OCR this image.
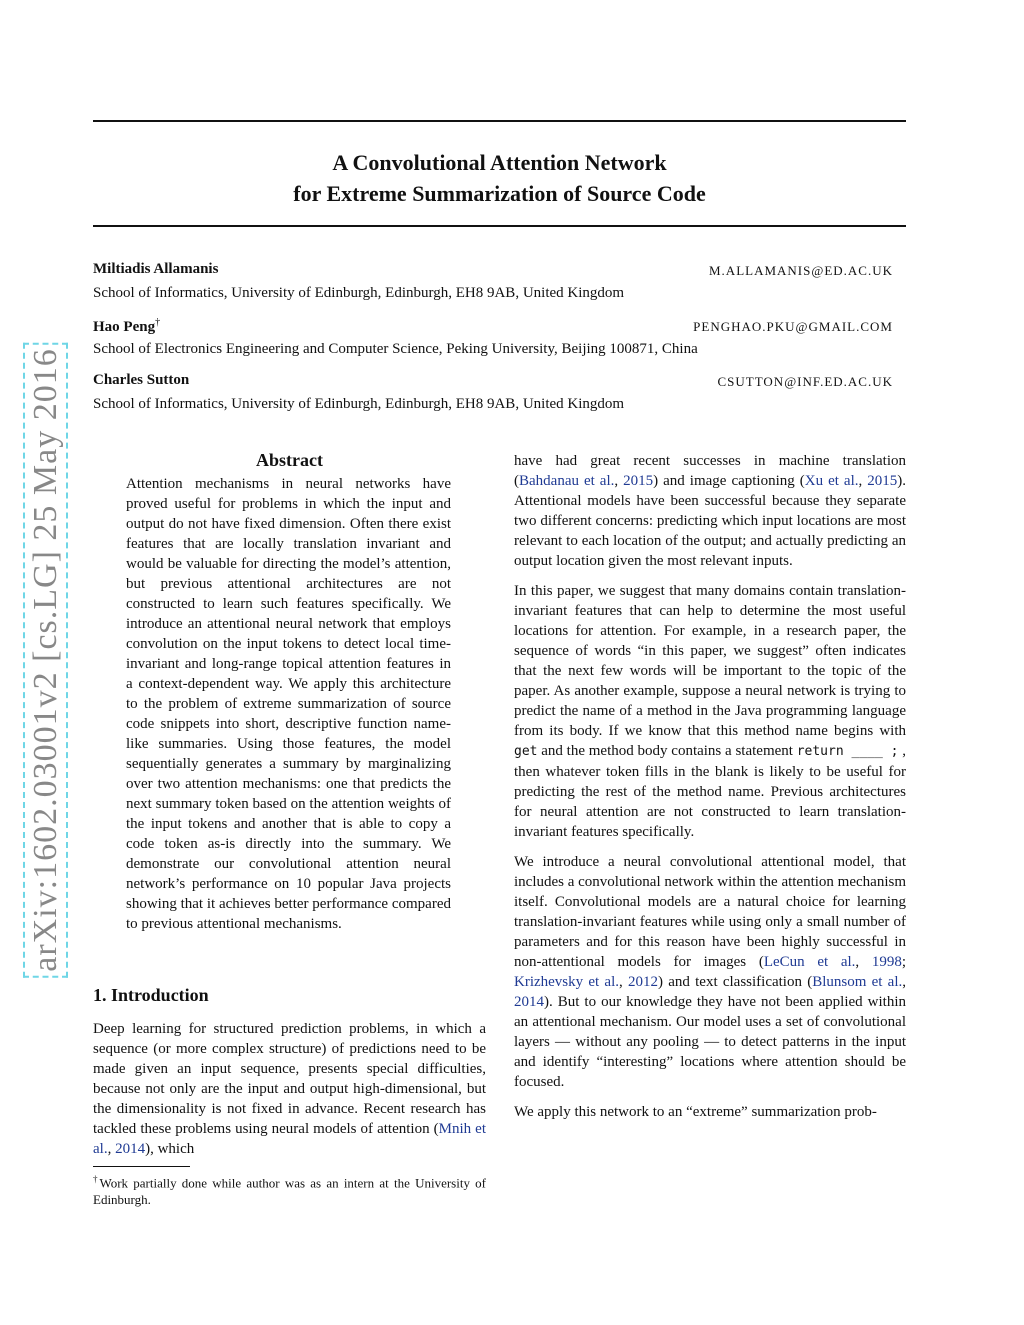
arXiv:1602.03001v2 [cs.LG] 25 May 2016
A Convolutional Attention Network
for Extreme Summarization of Source Code
Miltiadis Allamanis	M.ALLAMANIS@ED.AC.UK
School of Informatics, University of Edinburgh, Edinburgh, EH8 9AB, United Kingdom
Hao Peng†	PENGHAO.PKU@GMAIL.COM
School of Electronics Engineering and Computer Science, Peking University, Beijing 100871, China
Charles Sutton	CSUTTON@INF.ED.AC.UK
School of Informatics, University of Edinburgh, Edinburgh, EH8 9AB, United Kingdom
Abstract

Attention mechanisms in neural networks have proved useful for problems in which the input and output do not have fixed dimension. Often there exist features that are locally translation invariant and would be valuable for directing the model’s attention, but previous attentional architectures are not constructed to learn such features specifically. We introduce an attentional neural network that employs convolution on the input tokens to detect local time-invariant and long-range topical attention features in a context-dependent way. We apply this architecture to the problem of extreme summarization of source code snippets into short, descriptive function name-like summaries. Using those features, the model sequentially generates a summary by marginalizing over two attention mechanisms: one that predicts the next summary token based on the attention weights of the input tokens and another that is able to copy a code token as-is directly into the summary. We demonstrate our convolutional attention neural network’s performance on 10 popular Java projects showing that it achieves better performance compared to previous attentional mechanisms.

1. Introduction

Deep learning for structured prediction problems, in which a sequence (or more complex structure) of predictions need to be made given an input sequence, presents special difficulties, because not only are the input and output high-dimensional, but the dimensionality is not fixed in advance. Recent research has tackled these problems using neural models of attention (Mnih et al., 2014), which

†Work partially done while author was as an intern at the University of Edinburgh.

have had great recent successes in machine translation (Bahdanau et al., 2015) and image captioning (Xu et al., 2015). Attentional models have been successful because they separate two different concerns: predicting which input locations are most relevant to each location of the output; and actually predicting an output location given the most relevant inputs.

In this paper, we suggest that many domains contain translation-invariant features that can help to determine the most useful locations for attention. For example, in a research paper, the sequence of words “in this paper, we suggest” often indicates that the next few words will be important to the topic of the paper. As another example, suppose a neural network is trying to predict the name of a method in the Java programming language from its body. If we know that this method name begins with get and the method body contains a statement return ____ ; , then whatever token fills in the blank is likely to be useful for predicting the rest of the method name. Previous architectures for neural attention are not constructed to learn translation-invariant features specifically.

We introduce a neural convolutional attentional model, that includes a convolutional network within the attention mechanism itself. Convolutional models are a natural choice for learning translation-invariant features while using only a small number of parameters and for this reason have been highly successful in non-attentional models for images (LeCun et al., 1998; Krizhevsky et al., 2012) and text classification (Blunsom et al., 2014). But to our knowledge they have not been applied within an attentional mechanism. Our model uses a set of convolutional layers — without any pooling — to detect patterns in the input and identify “interesting” locations where attention should be focused.

We apply this network to an “extreme” summarization prob-
